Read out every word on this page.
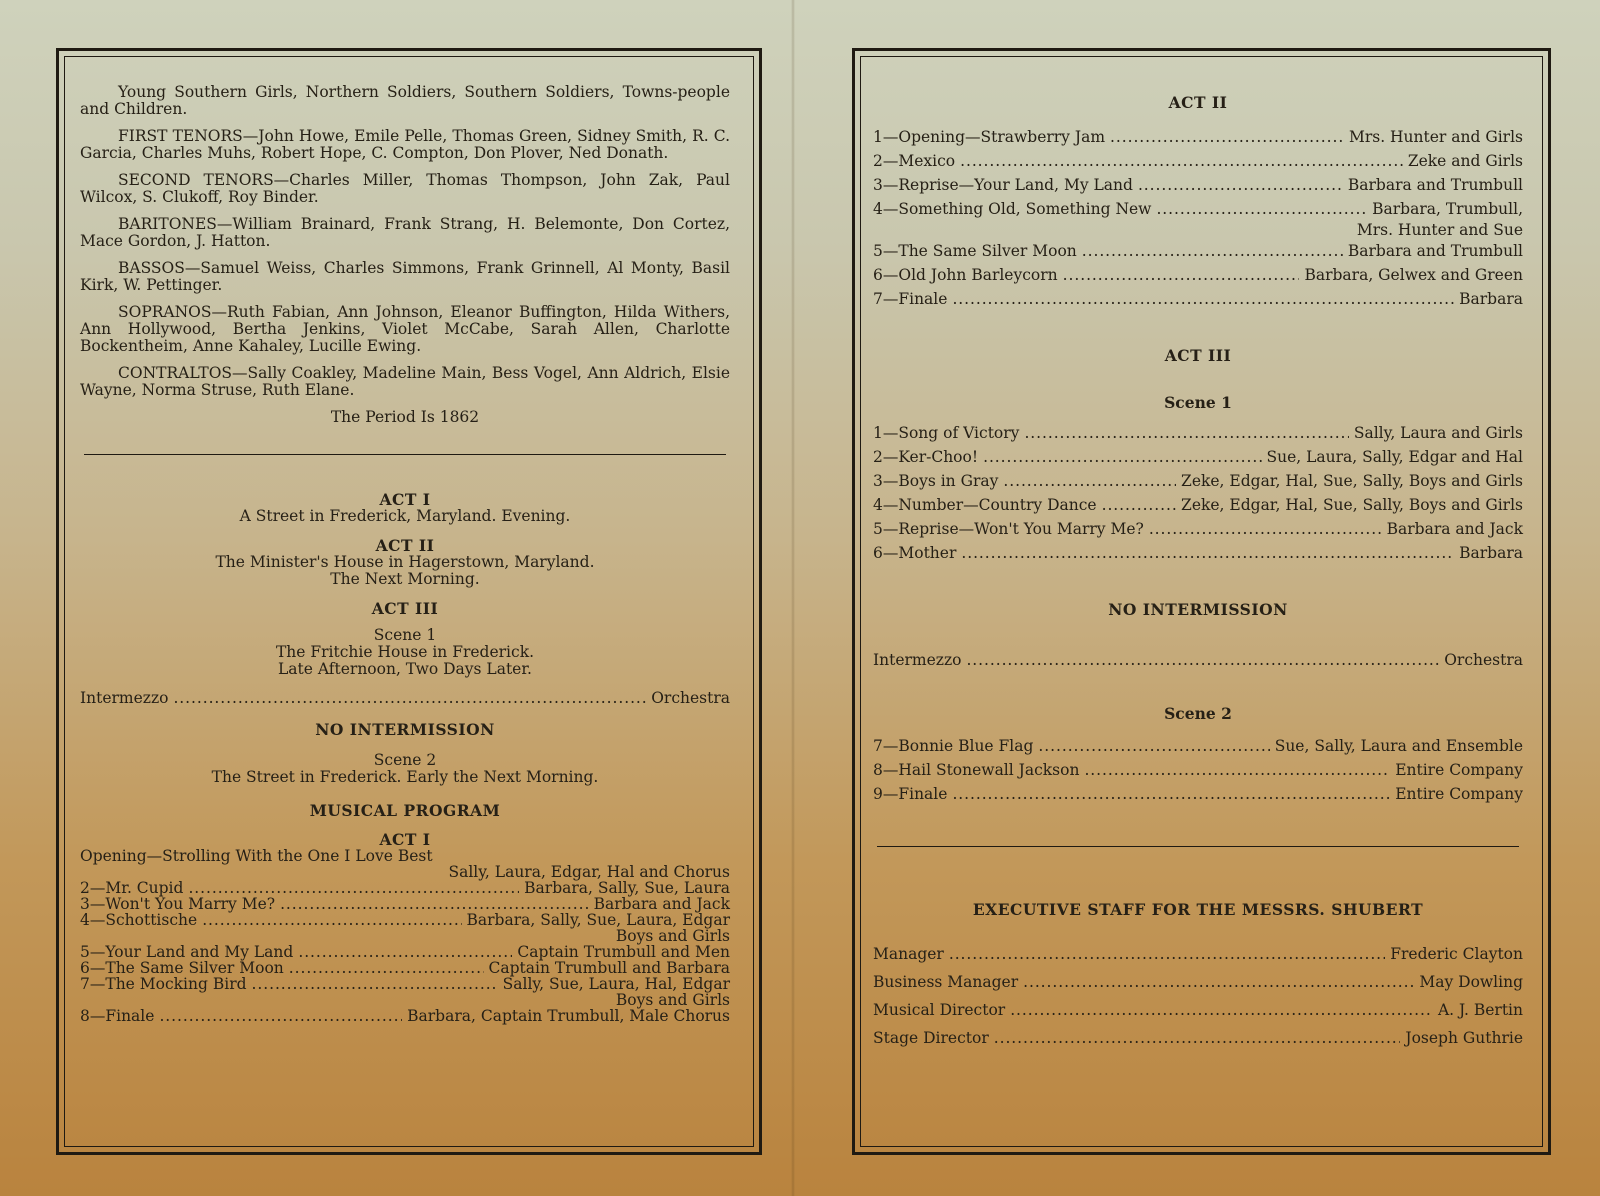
Young Southern Girls, Northern Soldiers, Southern Soldiers, Towns-people and Children.

FIRST TENORS—John Howe, Emile Pelle, Thomas Green, Sidney Smith, R. C. Garcia, Charles Muhs, Robert Hope, C. Compton, Don Plover, Ned Donath.

SECOND TENORS—Charles Miller, Thomas Thompson, John Zak, Paul Wilcox, S. Clukoff, Roy Binder.

BARITONES—William Brainard, Frank Strang, H. Belemonte, Don Cortez, Mace Gordon, J. Hatton.

BASSOS—Samuel Weiss, Charles Simmons, Frank Grinnell, Al Monty, Basil Kirk, W. Pettinger.

SOPRANOS—Ruth Fabian, Ann Johnson, Eleanor Buffington, Hilda Withers, Ann Hollywood, Bertha Jenkins, Violet McCabe, Sarah Allen, Charlotte Bockentheim, Anne Kahaley, Lucille Ewing.

CONTRALTOS—Sally Coakley, Madeline Main, Bess Vogel, Ann Aldrich, Elsie Wayne, Norma Struse, Ruth Elane.

The Period Is 1862
ACT I
A Street in Frederick, Maryland. Evening.
ACT II
The Minister's House in Hagerstown, Maryland.
The Next Morning.
ACT III
Scene 1
The Fritchie House in Frederick.
Late Afternoon, Two Days Later.
Intermezzo . . .	Orchestra
NO INTERMISSION
Scene 2
The Street in Frederick. Early the Next Morning.
MUSICAL PROGRAM
ACT I
Opening—Strolling With the One I Love Best
Sally, Laura, Edgar, Hal and Chorus
2—Mr. Cupid . . .	Barbara, Sally, Sue, Laura
3—Won't You Marry Me? . . .	Barbara and Jack
4—Schottische . . .	Barbara, Sally, Sue, Laura, Edgar
Boys and Girls
5—Your Land and My Land . . .	Captain Trumbull and Men
6—The Same Silver Moon . . .	Captain Trumbull and Barbara
7—The Mocking Bird . . .	Sally, Sue, Laura, Hal, Edgar
Boys and Girls
8—Finale . . .	Barbara, Captain Trumbull, Male Chorus
ACT II
1—Opening—Strawberry Jam . . .	Mrs. Hunter and Girls
2—Mexico . . .	Zeke and Girls
3—Reprise—Your Land, My Land . . .	Barbara and Trumbull
4—Something Old, Something New . . .	Barbara, Trumbull,
Mrs. Hunter and Sue
5—The Same Silver Moon . . .	Barbara and Trumbull
6—Old John Barleycorn . . .	Barbara, Gelwex and Green
7—Finale . . .	Barbara
ACT III
Scene 1
1—Song of Victory . . .	Sally, Laura and Girls
2—Ker-Choo! . . .	Sue, Laura, Sally, Edgar and Hal
3—Boys in Gray . . .	Zeke, Edgar, Hal, Sue, Sally, Boys and Girls
4—Number—Country Dance . . .	Zeke, Edgar, Hal, Sue, Sally, Boys and Girls
5—Reprise—Won't You Marry Me? . . .	Barbara and Jack
6—Mother . . .	Barbara
NO INTERMISSION
Intermezzo . . .	Orchestra
Scene 2
7—Bonnie Blue Flag . . .	Sue, Sally, Laura and Ensemble
8—Hail Stonewall Jackson . . .	Entire Company
9—Finale . . .	Entire Company
EXECUTIVE STAFF FOR THE MESSRS. SHUBERT
Manager . . .	Frederic Clayton
Business Manager . . .	May Dowling
Musical Director . . .	A. J. Bertin
Stage Director . . .	Joseph Guthrie
